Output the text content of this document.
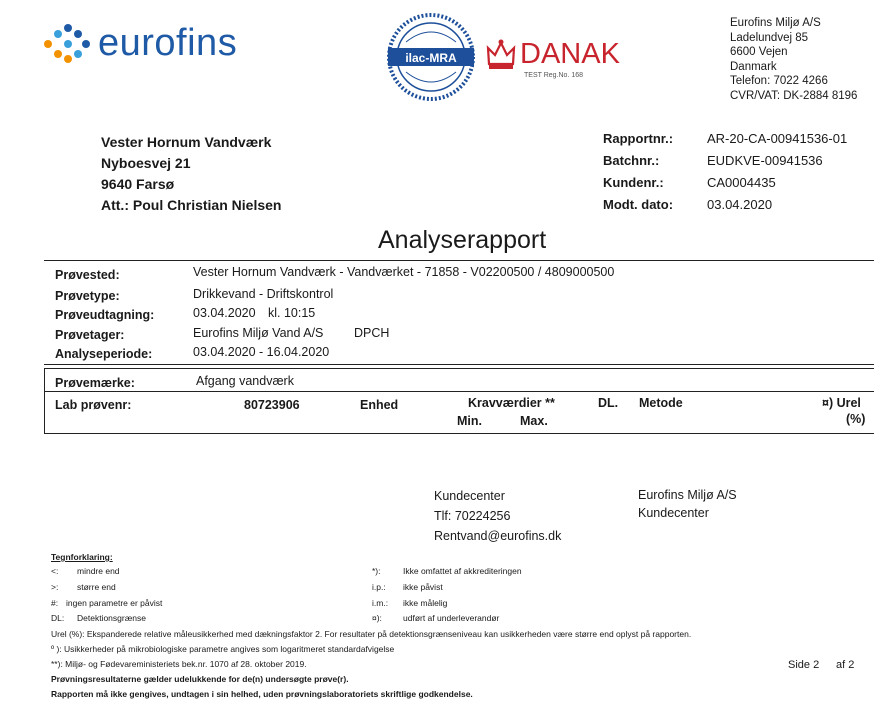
eurofins	ilac-MRA DANAK
TEST Reg.No. 168
Eurofins Miljø A/S
Ladelundvej 85
6600 Vejen
Danmark
Telefon: 7022 4266
CVR/VAT: DK-2884 8196
Vester Hornum Vandværk
Nyboesvej 21
9640 Farsø
Att.: Poul Christian Nielsen
Rapportnr.:	AR-20-CA-00941536-01
Batchnr.:	EUDKVE-00941536
Kundenr.:	CA0004435
Modt. dato:	03.04.2020
Analyserapport
Prøvested:	Vester Hornum Vandværk - Vandværket - 71858 - V02200500 / 4809000500
Prøvetype:	Drikkevand - Driftskontrol
Prøveudtagning:	03.04.2020 kl. 10:15
Prøvetager:	Eurofins Miljø Vand A/S DPCH
Analyseperiode:	03.04.2020 - 16.04.2020
Prøvemærke:	Afgang vandværk
Lab prøvenr:	80723906	Enhed	Kravværdier **
Min.	Max.
DL. Metode	¤) Urel
(%)
Kundecenter
Tlf: 70224256
Rentvand@eurofins.dk
Eurofins Miljø A/S
Kundecenter
Tegnforklaring:
<: mindre end
>: større end
#: ingen parametre er påvist
DL: Detektionsgrænse
*):	Ikke omfattet af akkrediteringen
i.p.: ikke påvist
i.m.: ikke målelig
¤): udført af underleverandør
Urel (%): Ekspanderede relative måleusikkerhed med dækningsfaktor 2. For resultater på detektionsgrænseniveau kan usikkerheden være større end oplyst på rapporten.
º ): Usikkerheder på mikrobiologiske parametre angives som logaritmeret standardafvigelse
**): Miljø- og Fødevareministeriets bek.nr. 1070 af 28. oktober 2019.
Prøvningsresultaterne gælder udelukkende for de(n) undersøgte prøve(r).
Rapporten må ikke gengives, undtagen i sin helhed, uden prøvningslaboratoriets skriftlige godkendelse.
Side 2 af 2
